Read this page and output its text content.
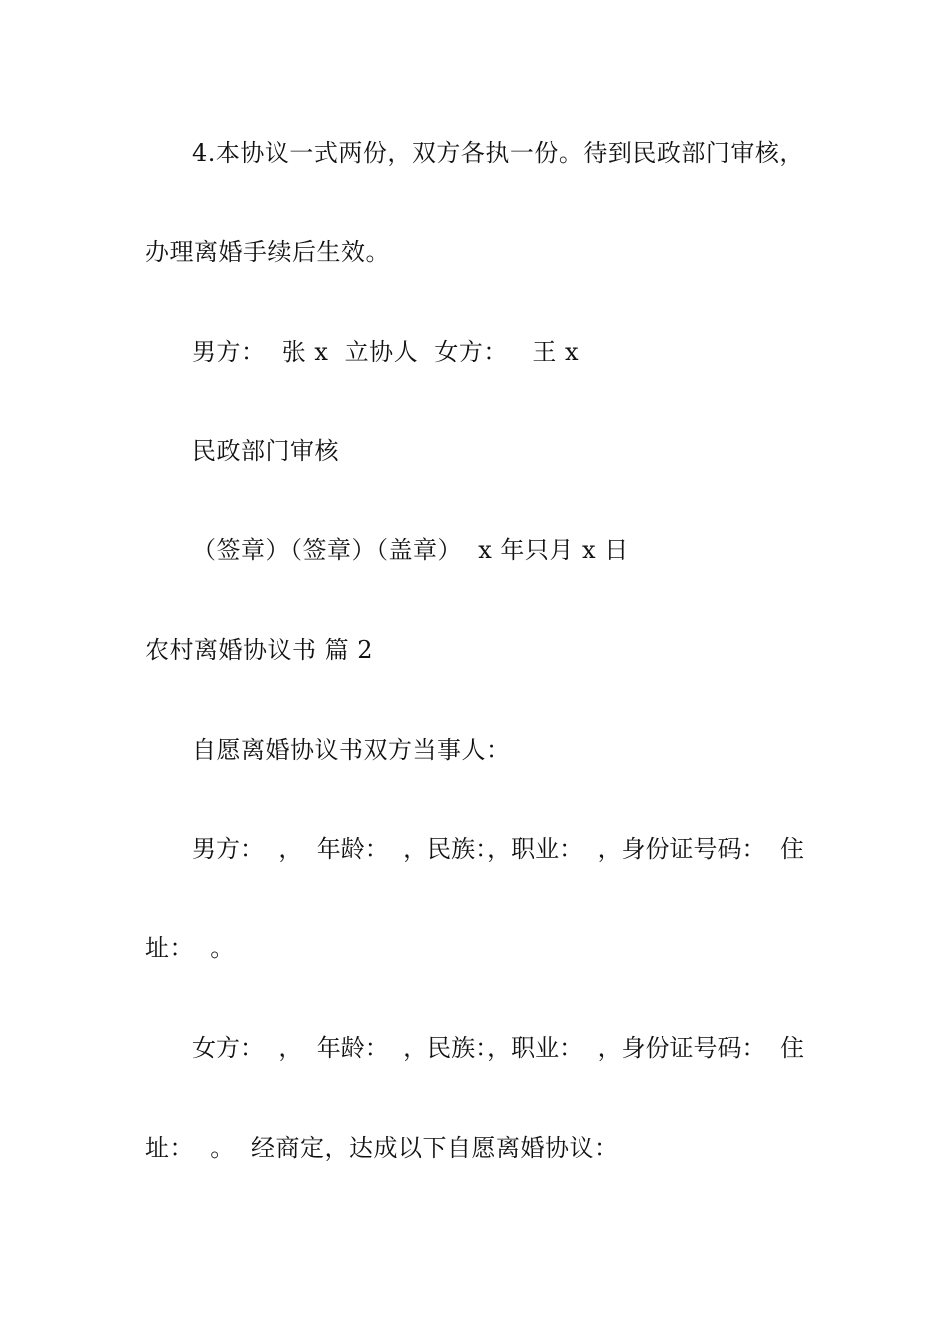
4.本协议一式两份，双方各执一份。待到民政部门审核，
办理离婚手续后生效。
男方：  张 x  立协人  女方：   王 x
民政部门审核
（签章）（签章）（盖章）  x 年只月 x 日
农村离婚协议书 篇 2
自愿离婚协议书双方当事人：
男方： ， 年龄： ，民族：，职业： ，身份证号码： 住
址：  。
女方： ， 年龄： ，民族：，职业： ，身份证号码： 住
址：  。  经商定，达成以下自愿离婚协议：
